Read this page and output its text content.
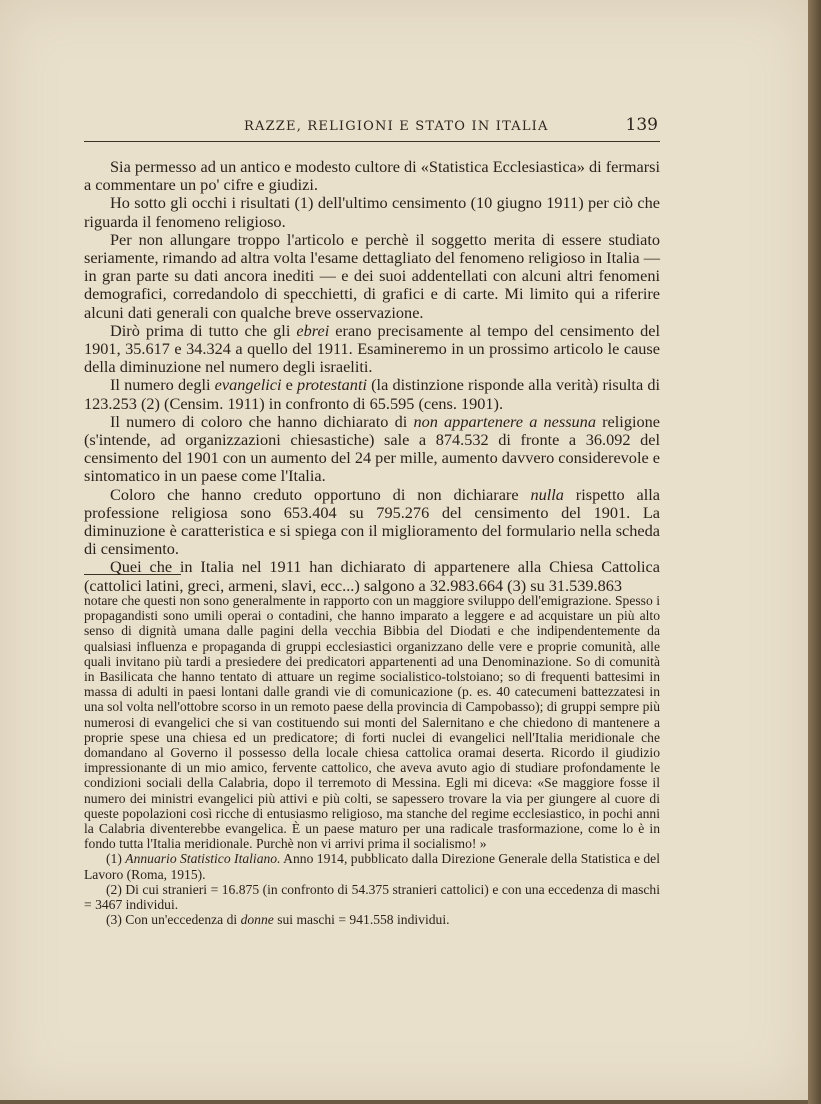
RAZZE, RELIGIONI E STATO IN ITALIA	139

Sia permesso ad un antico e modesto cultore di «Statistica Ecclesiastica» di fermarsi a commentare un po' cifre e giudizi.

Ho sotto gli occhi i risultati (1) dell'ultimo censimento (10 giugno 1911) per ciò che riguarda il fenomeno religioso.

Per non allungare troppo l'articolo e perchè il soggetto merita di essere studiato seriamente, rimando ad altra volta l'esame dettagliato del fenomeno religioso in Italia — in gran parte su dati ancora inediti — e dei suoi addentellati con alcuni altri fenomeni demografici, corredandolo di specchietti, di grafici e di carte. Mi limito qui a riferire alcuni dati generali con qualche breve osservazione.

Dirò prima di tutto che gli ebrei erano precisamente al tempo del censimento del 1901, 35.617 e 34.324 a quello del 1911. Esamineremo in un prossimo articolo le cause della diminuzione nel numero degli israeliti.

Il numero degli evangelici e protestanti (la distinzione risponde alla verità) risulta di 123.253 (2) (Censim. 1911) in confronto di 65.595 (cens. 1901).

Il numero di coloro che hanno dichiarato di non appartenere a nessuna religione (s'intende, ad organizzazioni chiesastiche) sale a 874.532 di fronte a 36.092 del censimento del 1901 con un aumento del 24 per mille, aumento davvero considerevole e sintomatico in un paese come l'Italia.

Coloro che hanno creduto opportuno di non dichiarare nulla rispetto alla professione religiosa sono 653.404 su 795.276 del censimento del 1901. La diminuzione è caratteristica e si spiega con il miglioramento del formulario nella scheda di censimento.

Quei che in Italia nel 1911 han dichiarato di appartenere alla Chiesa Cattolica (cattolici latini, greci, armeni, slavi, ecc...) salgono a 32.983.664 (3) su 31.539.863

notare che questi non sono generalmente in rapporto con un maggiore sviluppo dell'emigrazione. Spesso i propagandisti sono umili operai o contadini, che hanno imparato a leggere e ad acquistare un più alto senso di dignità umana dalle pagini della vecchia Bibbia del Diodati e che indipendentemente da qualsiasi influenza e propaganda di gruppi ecclesiastici organizzano delle vere e proprie comunità, alle quali invitano più tardi a presiedere dei predicatori appartenenti ad una Denominazione. So di comunità in Basilicata che hanno tentato di attuare un regime socialistico-tolstoiano; so di frequenti battesimi in massa di adulti in paesi lontani dalle grandi vie di comunicazione (p. es. 40 catecumeni battezzatesi in una sol volta nell'ottobre scorso in un remoto paese della provincia di Campobasso); di gruppi sempre più numerosi di evangelici che si van costituendo sui monti del Salernitano e che chiedono di mantenere a proprie spese una chiesa ed un predicatore; di forti nuclei di evangelici nell'Italia meridionale che domandano al Governo il possesso della locale chiesa cattolica oramai deserta. Ricordo il giudizio impressionante di un mio amico, fervente cattolico, che aveva avuto agio di studiare profondamente le condizioni sociali della Calabria, dopo il terremoto di Messina. Egli mi diceva: «Se maggiore fosse il numero dei ministri evangelici più attivi e più colti, se sapessero trovare la via per giungere al cuore di queste popolazioni così ricche di entusiasmo religioso, ma stanche del regime ecclesiastico, in pochi anni la Calabria diventerebbe evangelica. È un paese maturo per una radicale trasformazione, come lo è in fondo tutta l'Italia meridionale. Purchè non vi arrivi prima il socialismo! »

(1) Annuario Statistico Italiano. Anno 1914, pubblicato dalla Direzione Generale della Statistica e del Lavoro (Roma, 1915).

(2) Di cui stranieri = 16.875 (in confronto di 54.375 stranieri cattolici) e con una eccedenza di maschi = 3467 individui.

(3) Con un'eccedenza di donne sui maschi = 941.558 individui.
